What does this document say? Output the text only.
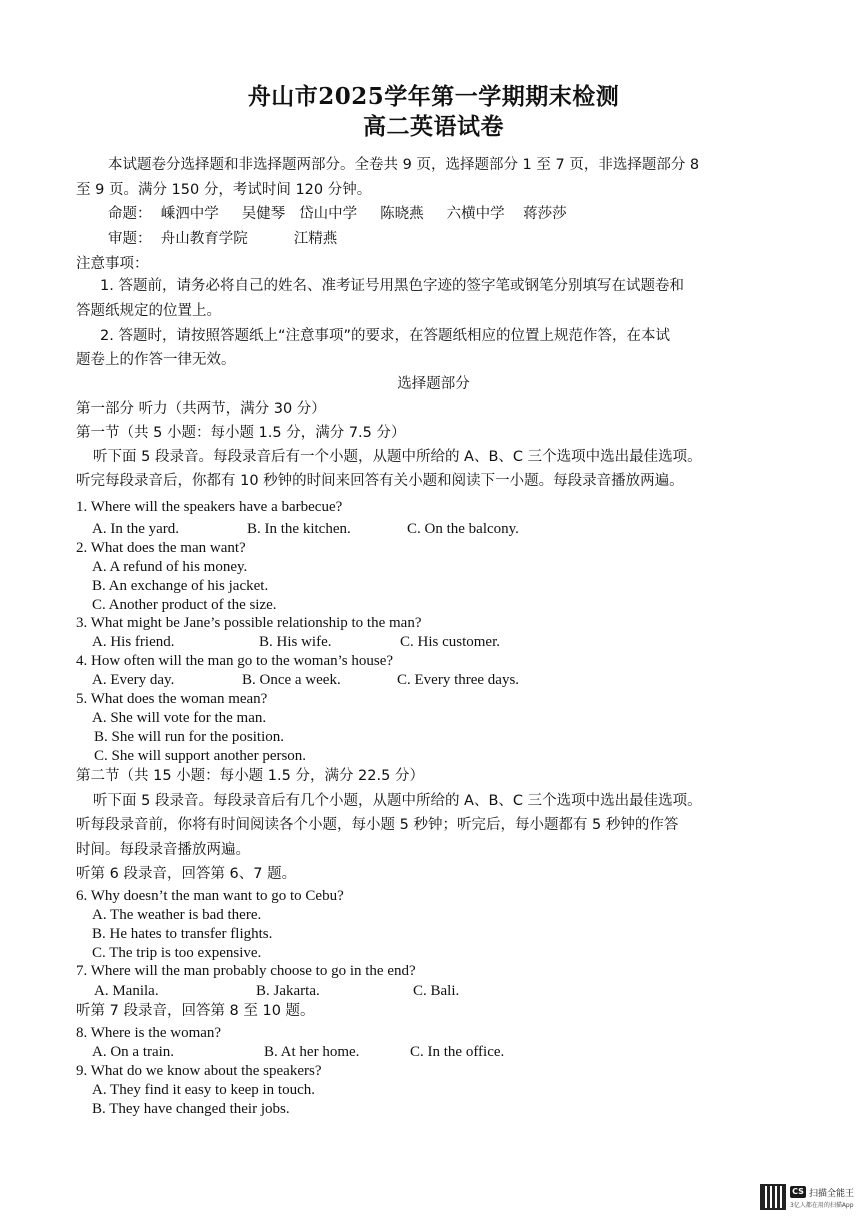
舟山市2025学年第一学期期末检测
高二英语试卷
本试题卷分选择题和非选择题两部分。全卷共 9 页，选择题部分 1 至 7 页，非选择题部分 8
至 9 页。满分 150 分，考试时间 120 分钟。
命题：  嵊泗中学     吴健琴   岱山中学     陈晓燕     六横中学    蒋莎莎
审题：  舟山教育学院          江精燕
注意事项：
1. 答题前，请务必将自己的姓名、准考证号用黑色字迹的签字笔或钢笔分别填写在试题卷和
答题纸规定的位置上。
2. 答题时，请按照答题纸上“注意事项”的要求，在答题纸相应的位置上规范作答，在本试
题卷上的作答一律无效。
选择题部分
第一部分 听力（共两节，满分 30 分）
第一节（共 5 小题：每小题 1.5 分，满分 7.5 分）
听下面 5 段录音。每段录音后有一个小题，从题中所给的 A、B、C 三个选项中选出最佳选项。
听完每段录音后，你都有 10 秒钟的时间来回答有关小题和阅读下一小题。每段录音播放两遍。
1. Where will the speakers have a barbecue?
A. In the yard.	B. In the kitchen.	C. On the balcony.
2. What does the man want?
A. A refund of his money.
B. An exchange of his jacket.
C. Another product of the size.
3. What might be Jane’s possible relationship to the man?
A. His friend.	B. His wife.	C. His customer.
4. How often will the man go to the woman’s house?
A. Every day.	B. Once a week.	C. Every three days.
5. What does the woman mean?
A. She will vote for the man.
B. She will run for the position.
C. She will support another person.
第二节（共 15 小题：每小题 1.5 分，满分 22.5 分）
听下面 5 段录音。每段录音后有几个小题，从题中所给的 A、B、C 三个选项中选出最佳选项。
听每段录音前，你将有时间阅读各个小题，每小题 5 秒钟；听完后，每小题都有 5 秒钟的作答
时间。每段录音播放两遍。
听第 6 段录音，回答第 6、7 题。
6. Why doesn’t the man want to go to Cebu?
A. The weather is bad there.
B. He hates to transfer flights.
C. The trip is too expensive.
7. Where will the man probably choose to go in the end?
A. Manila.	B. Jakarta.	C. Bali.
听第 7 段录音，回答第 8 至 10 题。
8. Where is the woman?
A. On a train.	B. At her home.	C. In the office.
9. What do we know about the speakers?
A. They find it easy to keep in touch.
B. They have changed their jobs.
CS 扫描全能王
3亿人都在用的扫描App
